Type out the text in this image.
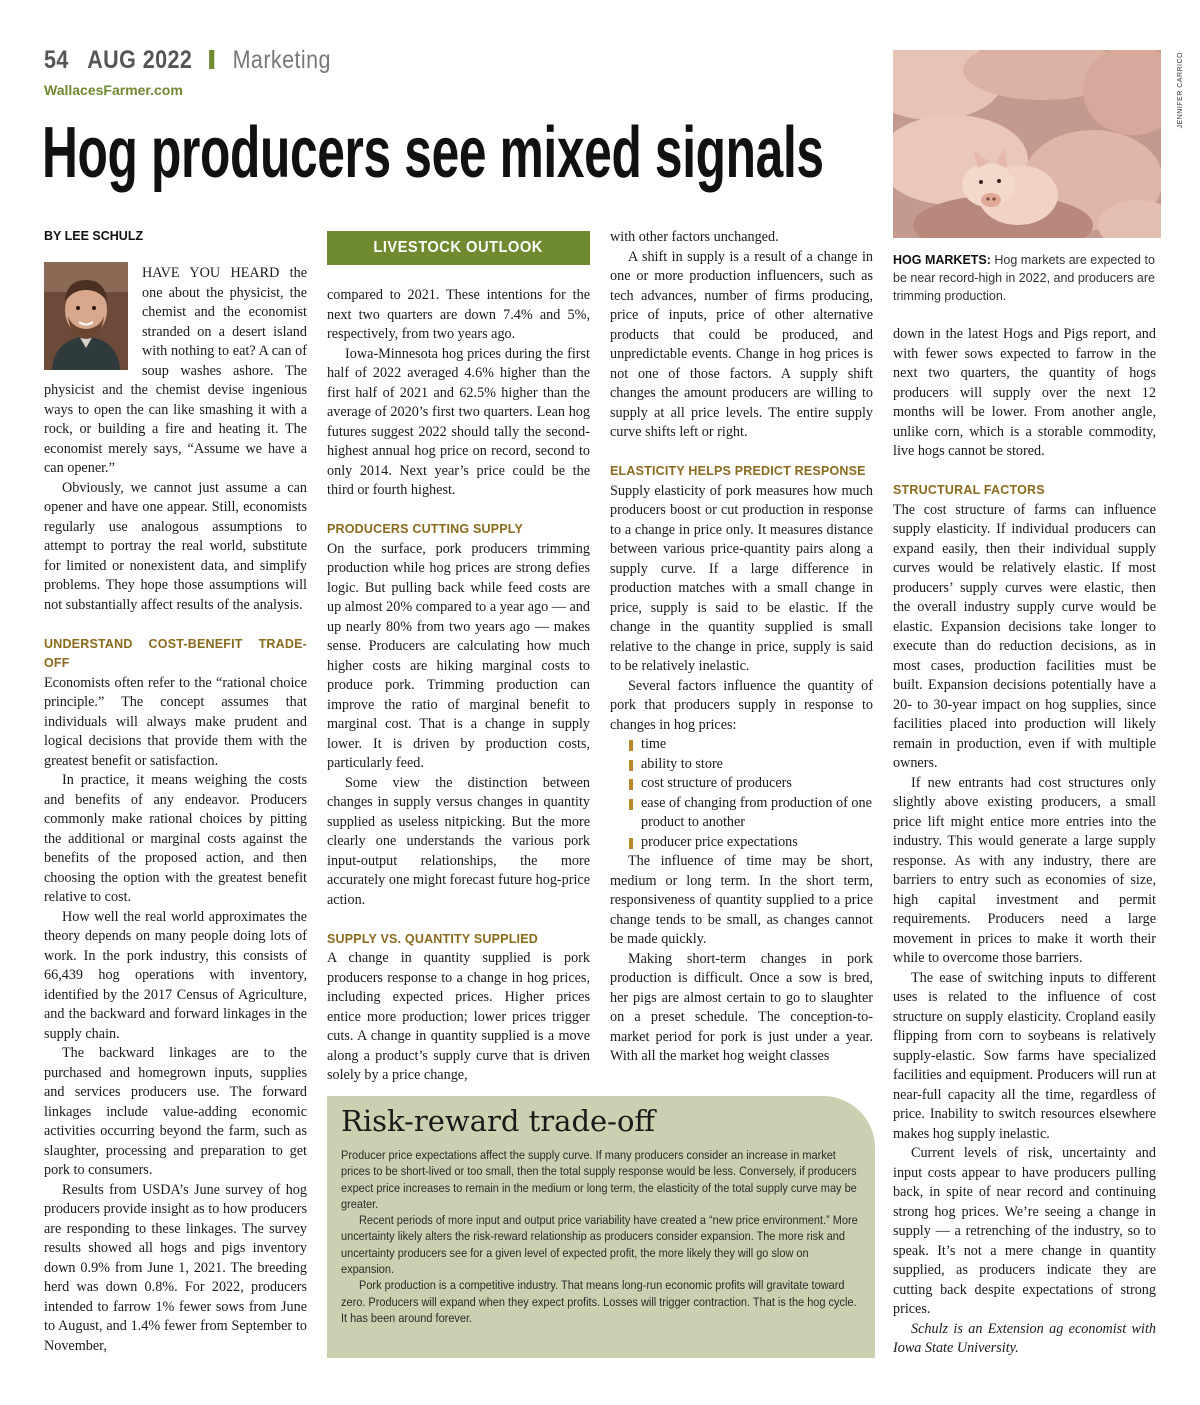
54 AUG 2022 Marketing
WallacesFarmer.com
Hog producers see mixed signals
JENNIFER CARRICO
HOG MARKETS: Hog markets are expected to be near record-high in 2022, and producers are trimming production.
BY LEE SCHULZ
LIVESTOCK OUTLOOK

HAVE YOU HEARD the one about the physicist, the chemist and the economist stranded on a desert island with nothing to eat? A can of soup washes ashore. The physicist and the chemist devise ingenious ways to open the can like smashing it with a rock, or building a fire and heating it. The economist merely says, “Assume we have a can opener.”

Obviously, we cannot just assume a can opener and have one appear. Still, economists regularly use analogous assumptions to attempt to portray the real world, substitute for limited or nonexistent data, and simplify problems. They hope those assumptions will not substantially affect results of the analysis.

UNDERSTAND COST-BENEFIT TRADE-OFF

Economists often refer to the “rational choice principle.” The concept assumes that individuals will always make prudent and logical decisions that provide them with the greatest benefit or satisfaction.

In practice, it means weighing the costs and benefits of any endeavor. Producers commonly make rational choices by pitting the additional or marginal costs against the benefits of the proposed action, and then choosing the option with the greatest benefit relative to cost.

How well the real world approximates the theory depends on many people doing lots of work. In the pork industry, this consists of 66,439 hog operations with inventory, identified by the 2017 Census of Agriculture, and the backward and forward linkages in the supply chain.

The backward linkages are to the purchased and homegrown inputs, supplies and services producers use. The forward linkages include value-adding economic activities occurring beyond the farm, such as slaughter, processing and preparation to get pork to consumers.

Results from USDA’s June survey of hog producers provide insight as to how producers are responding to these linkages. The survey results showed all hogs and pigs inventory down 0.9% from June 1, 2021. The breeding herd was down 0.8%. For 2022, producers intended to farrow 1% fewer sows from June to August, and 1.4% fewer from September to November,

compared to 2021. These intentions for the next two quarters are down 7.4% and 5%, respectively, from two years ago.

Iowa-Minnesota hog prices during the first half of 2022 averaged 4.6% higher than the first half of 2021 and 62.5% higher than the average of 2020’s first two quarters. Lean hog futures suggest 2022 should tally the second-highest annual hog price on record, second to only 2014. Next year’s price could be the third or fourth highest.

PRODUCERS CUTTING SUPPLY

On the surface, pork producers trimming production while hog prices are strong defies logic. But pulling back while feed costs are up almost 20% compared to a year ago — and up nearly 80% from two years ago — makes sense. Producers are calculating how much higher costs are hiking marginal costs to produce pork. Trimming production can improve the ratio of marginal benefit to marginal cost. That is a change in supply lower. It is driven by production costs, particularly feed.

Some view the distinction between changes in supply versus changes in quantity supplied as useless nitpicking. But the more clearly one understands the various pork input-output relationships, the more accurately one might forecast future hog-price action.

SUPPLY VS. QUANTITY SUPPLIED

A change in quantity supplied is pork producers response to a change in hog prices, including expected prices. Higher prices entice more production; lower prices trigger cuts. A change in quantity supplied is a move along a product’s supply curve that is driven solely by a price change,

with other factors unchanged.

A shift in supply is a result of a change in one or more production influencers, such as tech advances, number of firms producing, price of inputs, price of other alternative products that could be produced, and unpredictable events. Change in hog prices is not one of those factors. A supply shift changes the amount producers are willing to supply at all price levels. The entire supply curve shifts left or right.

ELASTICITY HELPS PREDICT RESPONSE

Supply elasticity of pork measures how much producers boost or cut production in response to a change in price only. It measures distance between various price-quantity pairs along a supply curve. If a large difference in production matches with a small change in price, supply is said to be elastic. If the change in the quantity supplied is small relative to the change in price, supply is said to be relatively inelastic.

Several factors influence the quantity of pork that producers supply in response to changes in hog prices:

time
ability to store
cost structure of producers
ease of changing from production of one product to another
producer price expectations

The influence of time may be short, medium or long term. In the short term, responsiveness of quantity supplied to a price change tends to be small, as changes cannot be made quickly.

Making short-term changes in pork production is difficult. Once a sow is bred, her pigs are almost certain to go to slaughter on a preset schedule. The conception-to-market period for pork is just under a year. With all the market hog weight classes

down in the latest Hogs and Pigs report, and with fewer sows expected to farrow in the next two quarters, the quantity of hogs producers will supply over the next 12 months will be lower. From another angle, unlike corn, which is a storable commodity, live hogs cannot be stored.

STRUCTURAL FACTORS

The cost structure of farms can influence supply elasticity. If individual producers can expand easily, then their individual supply curves would be relatively elastic. If most producers’ supply curves were elastic, then the overall industry supply curve would be elastic. Expansion decisions take longer to execute than do reduction decisions, as in most cases, production facilities must be built. Expansion decisions potentially have a 20- to 30-year impact on hog supplies, since facilities placed into production will likely remain in production, even if with multiple owners.

If new entrants had cost structures only slightly above existing producers, a small price lift might entice more entries into the industry. This would generate a large supply response. As with any industry, there are barriers to entry such as economies of size, high capital investment and permit requirements. Producers need a large movement in prices to make it worth their while to overcome those barriers.

The ease of switching inputs to different uses is related to the influence of cost structure on supply elasticity. Cropland easily flipping from corn to soybeans is relatively supply-elastic. Sow farms have specialized facilities and equipment. Producers will run at near-full capacity all the time, regardless of price. Inability to switch resources elsewhere makes hog supply inelastic.

Current levels of risk, uncertainty and input costs appear to have producers pulling back, in spite of near record and continuing strong hog prices. We’re seeing a change in supply — a retrenching of the industry, so to speak. It’s not a mere change in quantity supplied, as producers indicate they are cutting back despite expectations of strong prices.

Schulz is an Extension ag economist with Iowa State University.

Risk-reward trade-off

Producer price expectations affect the supply curve. If many producers consider an increase in market prices to be short-lived or too small, then the total supply response would be less. Conversely, if producers expect price increases to remain in the medium or long term, the elasticity of the total supply curve may be greater.

Recent periods of more input and output price variability have created a “new price environment.” More uncertainty likely alters the risk-reward relationship as producers consider expansion. The more risk and uncertainty producers see for a given level of expected profit, the more likely they will go slow on expansion.

Pork production is a competitive industry. That means long-run economic profits will gravitate toward zero. Producers will expand when they expect profits. Losses will trigger contraction. That is the hog cycle. It has been around forever.
